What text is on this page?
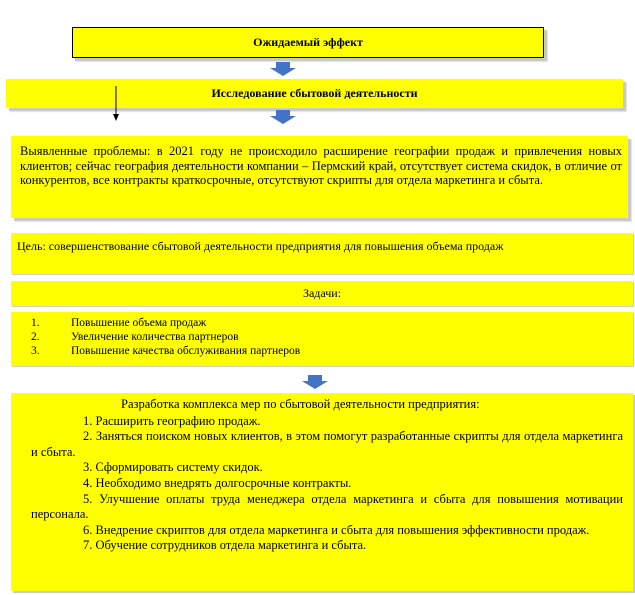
Ожидаемый эффект
Исследование сбытовой деятельности

Выявленные проблемы: в 2021 году не происходило расширение географии продаж и привлечения новых клиентов; сейчас география деятельности компании – Пермский край, отсутствует система скидок, в отличие от конкурентов, все контракты краткосрочные, отсутствуют скрипты для отдела маркетинга и сбыта.

Цель: совершенствование сбытовой деятельности предприятия для повышения объема продаж

Задачи:
1.	Повышение объема продаж
2.	Увеличение количества партнеров
3.	Повышение качества обслуживания партнеров

Разработка комплекса мер по сбытовой деятельности предприятия:

1. Расширить географию продаж.

2. Заняться поиском новых клиентов, в этом помогут разработанные скрипты для отдела маркетинга и сбыта.

3. Сформировать систему скидок.

4. Необходимо внедрять долгосрочные контракты.

5. Улучшение оплаты труда менеджера отдела маркетинга и сбыта для повышения мотивации персонала.

6. Внедрение скриптов для отдела маркетинга и сбыта для повышения эффективности продаж.

7. Обучение сотрудников отдела маркетинга и сбыта.
